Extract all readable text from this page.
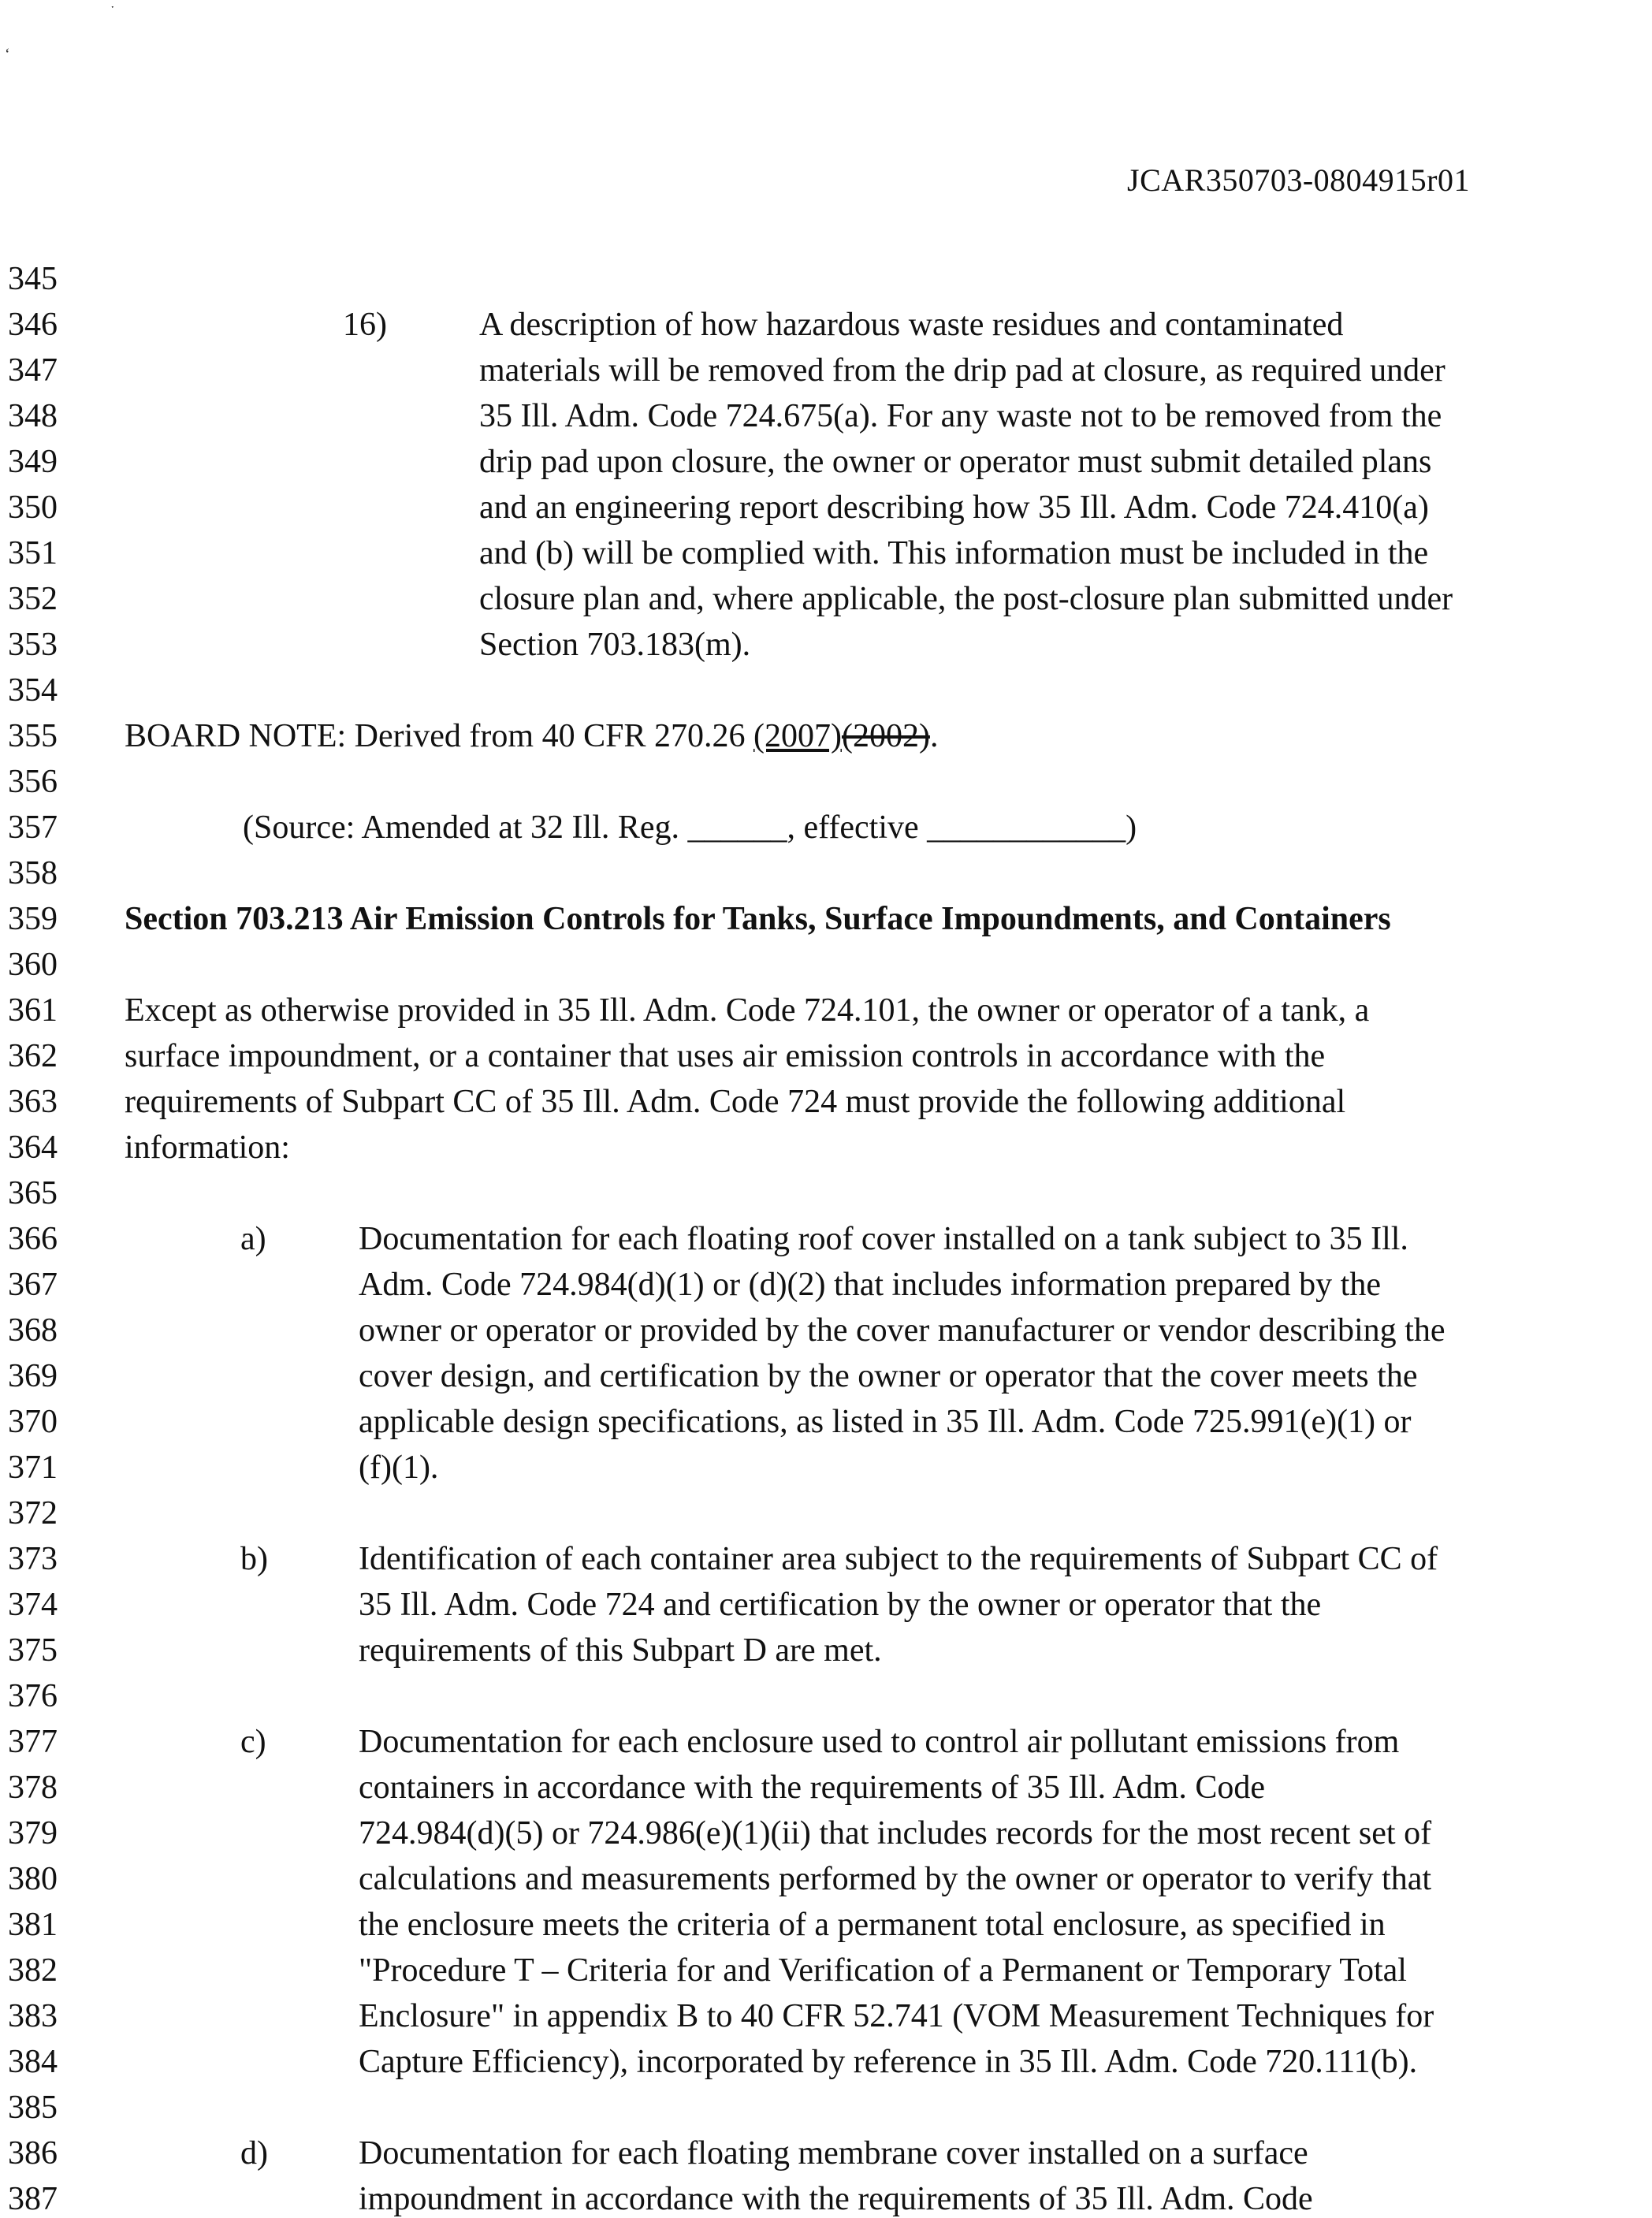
ˑ
‘
JCAR350703-0804915r01
345
346
347
348
349
350
351
352
353
354
355
356
357
358
359
360
361
362
363
364
365
366
367
368
369
370
371
372
373
374
375
376
377
378
379
380
381
382
383
384
385
386
387
16)	A description of how hazardous waste residues and contaminated
materials will be removed from the drip pad at closure, as required under
35 Ill. Adm. Code 724.675(a). For any waste not to be removed from the
drip pad upon closure, the owner or operator must submit detailed plans
and an engineering report describing how 35 Ill. Adm. Code 724.410(a)
and (b) will be complied with. This information must be included in the
closure plan and, where applicable, the post-closure plan submitted under
Section 703.183(m).
BOARD NOTE: Derived from 40 CFR 270.26 (2007)(2002).
(Source: Amended at 32 Ill. Reg. ______, effective ____________)
Section 703.213 Air Emission Controls for Tanks, Surface Impoundments, and Containers
Except as otherwise provided in 35 Ill. Adm. Code 724.101, the owner or operator of a tank, a
surface impoundment, or a container that uses air emission controls in accordance with the
requirements of Subpart CC of 35 Ill. Adm. Code 724 must provide the following additional
information:
a)	Documentation for each floating roof cover installed on a tank subject to 35 Ill.
Adm. Code 724.984(d)(1) or (d)(2) that includes information prepared by the
owner or operator or provided by the cover manufacturer or vendor describing the
cover design, and certification by the owner or operator that the cover meets the
applicable design specifications, as listed in 35 Ill. Adm. Code 725.991(e)(1) or
(f)(1).
b)	Identification of each container area subject to the requirements of Subpart CC of
35 Ill. Adm. Code 724 and certification by the owner or operator that the
requirements of this Subpart D are met.
c)	Documentation for each enclosure used to control air pollutant emissions from
containers in accordance with the requirements of 35 Ill. Adm. Code
724.984(d)(5) or 724.986(e)(1)(ii) that includes records for the most recent set of
calculations and measurements performed by the owner or operator to verify that
the enclosure meets the criteria of a permanent total enclosure, as specified in
"Procedure T – Criteria for and Verification of a Permanent or Temporary Total
Enclosure" in appendix B to 40 CFR 52.741 (VOM Measurement Techniques for
Capture Efficiency), incorporated by reference in 35 Ill. Adm. Code 720.111(b).
d)	Documentation for each floating membrane cover installed on a surface
impoundment in accordance with the requirements of 35 Ill. Adm. Code
